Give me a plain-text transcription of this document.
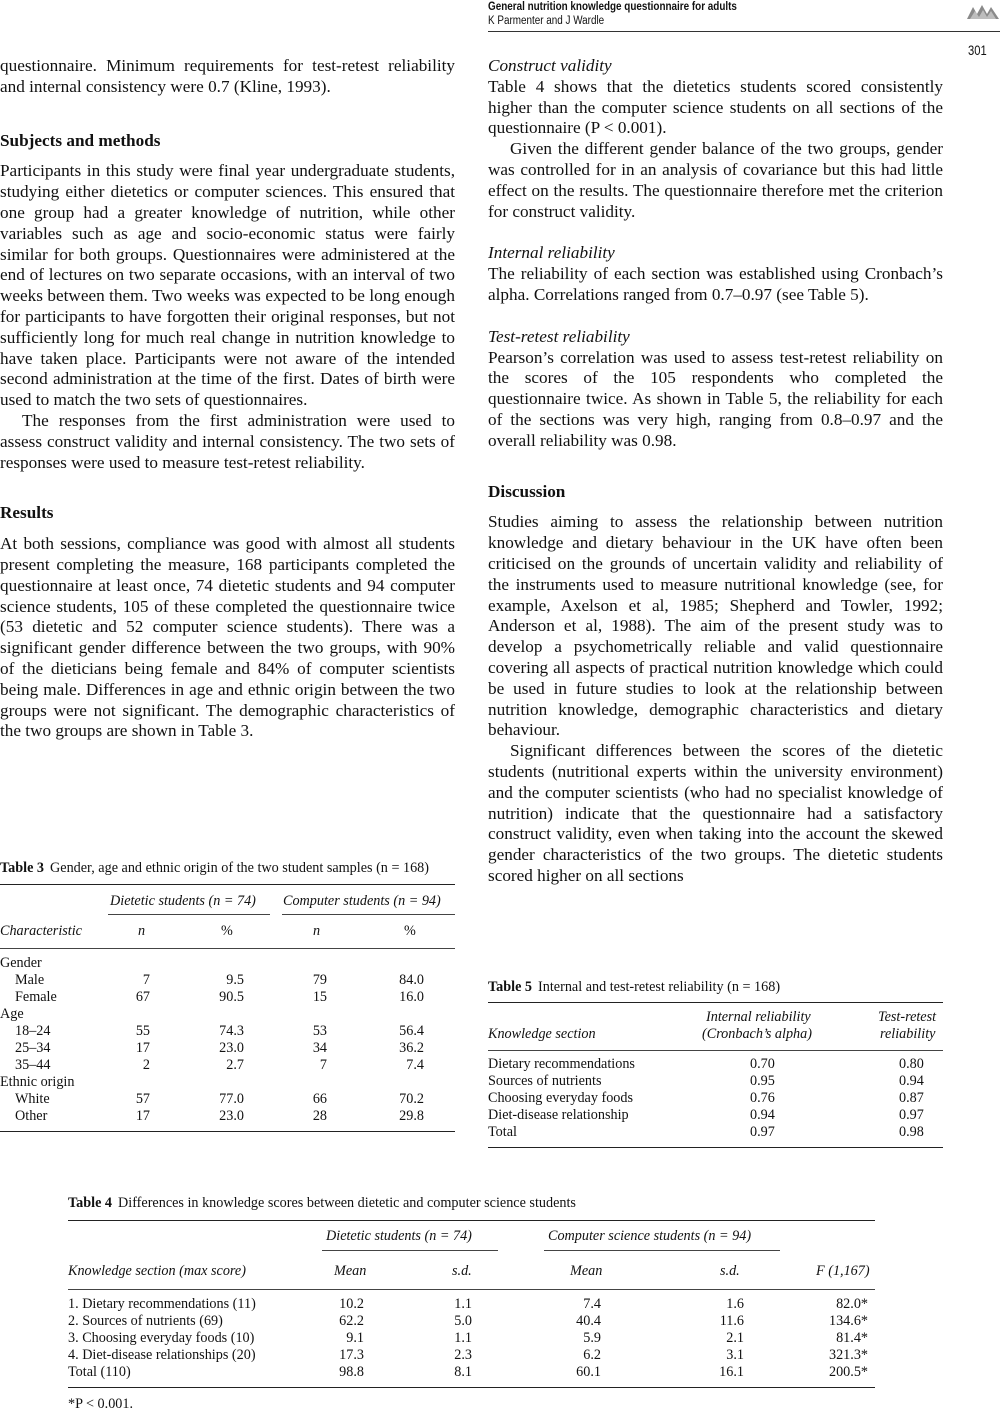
General nutrition knowledge questionnaire for adults
K Parmenter and J Wardle
301

questionnaire. Minimum requirements for test-retest reliability and internal consistency were 0.7 (Kline, 1993).

Subjects and methods

Participants in this study were final year undergraduate students, studying either dietetics or computer sciences. This ensured that one group had a greater knowledge of nutrition, while other variables such as age and socio-economic status were fairly similar for both groups. Questionnaires were administered at the end of lectures on two separate occasions, with an interval of two weeks between them. Two weeks was expected to be long enough for participants to have forgotten their original responses, but not sufficiently long for much real change in nutrition knowledge to have taken place. Participants were not aware of the intended second administration at the time of the first. Dates of birth were used to match the two sets of questionnaires.

The responses from the first administration were used to assess construct validity and internal consistency. The two sets of responses were used to measure test-retest reliability.

Results

At both sessions, compliance was good with almost all students present completing the measure, 168 participants completed the questionnaire at least once, 74 dietetic students and 94 computer science students, 105 of these completed the questionnaire twice (53 dietetic and 52 computer science students). There was a significant gender difference between the two groups, with 90% of the dieticians being female and 84% of computer scientists being male. Differences in age and ethnic origin between the two groups were not significant. The demographic characteristics of the two groups are shown in Table 3.

Construct validity

Table 4 shows that the dietetics students scored consistently higher than the computer science students on all sections of the questionnaire (P < 0.001).

Given the different gender balance of the two groups, gender was controlled for in an analysis of covariance but this had little effect on the results. The questionnaire therefore met the criterion for construct validity.

Internal reliability

The reliability of each section was established using Cronbach’s alpha. Correlations ranged from 0.7–0.97 (see Table 5).

Test-retest reliability

Pearson’s correlation was used to assess test-retest reliability on the scores of the 105 respondents who completed the questionnaire twice. As shown in Table 5, the reliability for each of the sections was very high, ranging from 0.8–0.97 and the overall reliability was 0.98.

Discussion

Studies aiming to assess the relationship between nutrition knowledge and dietary behaviour in the UK have often been criticised on the grounds of uncertain validity and reliability of the instruments used to measure nutritional knowledge (see, for example, Axelson et al, 1985; Shepherd and Towler, 1992; Anderson et al, 1988). The aim of the present study was to develop a psychometrically reliable and valid questionnaire covering all aspects of practical nutrition knowledge which could be used in future studies to look at the relationship between nutrition knowledge, demographic characteristics and dietary behaviour.

Significant differences between the scores of the dietetic students (nutritional experts within the university environment) and the computer scientists (who had no specialist knowledge of nutrition) indicate that the questionnaire had a satisfactory construct validity, even when taking into the account the skewed gender characteristics of the two groups. The dietetic students scored higher on all sections

Table 3 Gender, age and ethnic origin of the two student samples (n = 168)
Dietetic students (n = 74) Computer students (n = 94)
Characteristic	n	%	n	%
Gender
Male	7	9.5	79	84.0
Female	67	90.5	15	16.0
Age
18–24	55	74.3	53	56.4
25–34	17	23.0	34	36.2
35–44	2	2.7	7	7.4
Ethnic origin
White	57	77.0	66	70.2
Other	17	23.0	28	29.8
Table 5 Internal and test-retest reliability (n = 168)
Internal reliability	Test-retest
Knowledge section	(Cronbach’s alpha)	reliability
Dietary recommendations	0.70	0.80
Sources of nutrients	0.95	0.94
Choosing everyday foods	0.76	0.87
Diet-disease relationship	0.94	0.97
Total	0.97	0.98
Table 4 Differences in knowledge scores between dietetic and computer science students
Dietetic students (n = 74)	Computer science students (n = 94)
Knowledge section (max score)	Mean	s.d.	Mean	s.d.	F (1,167)
1. Dietary recommendations (11)	10.2	1.1	7.4	1.6	82.0*
2. Sources of nutrients (69)	62.2	5.0	40.4	11.6	134.6*
3. Choosing everyday foods (10)	9.1	1.1	5.9	2.1	81.4*
4. Diet-disease relationships (20)	17.3	2.3	6.2	3.1	321.3*
Total (110)	98.8	8.1	60.1	16.1	200.5*
*P < 0.001.
